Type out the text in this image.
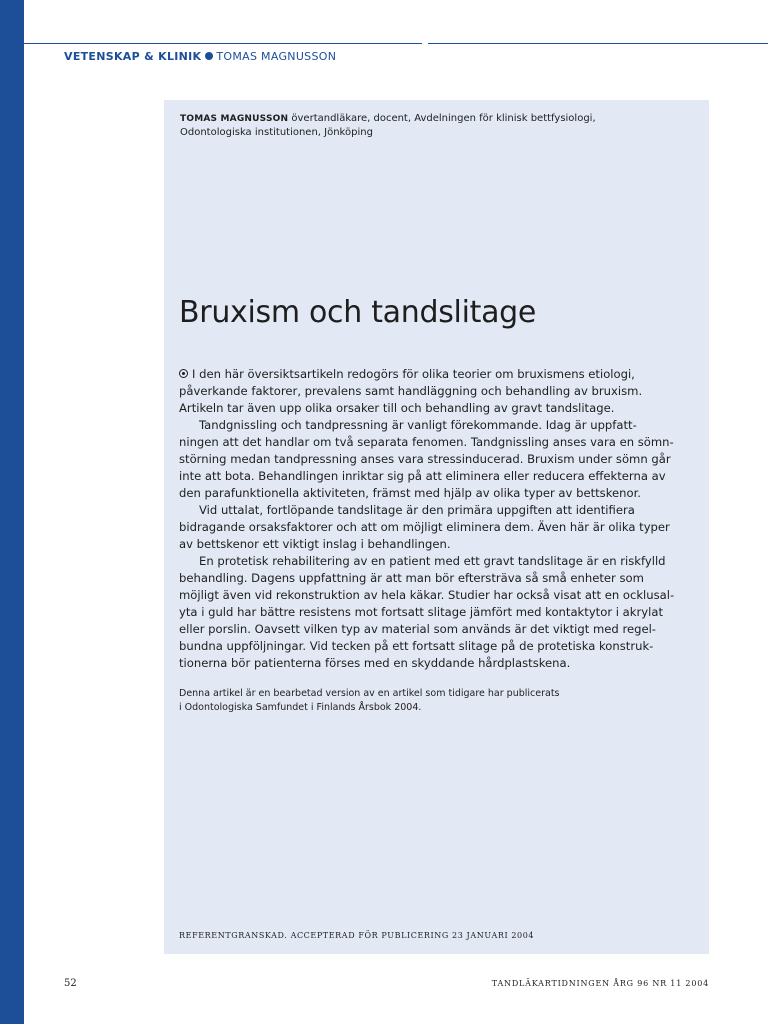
VETENSKAP & KLINIK TOMAS MAGNUSSON
TOMAS MAGNUSSON övertandläkare, docent, Avdelningen för klinisk bettfysiologi,
Odontologiska institutionen, Jönköping
Bruxism och tandslitage
I den här översiktsartikeln redogörs för olika teorier om bruxismens etiologi,
påverkande faktorer, prevalens samt handläggning och behandling av bruxism.
Artikeln tar även upp olika orsaker till och behandling av gravt tandslitage.
Tandgnissling och tandpressning är vanligt förekommande. Idag är uppfatt-
ningen att det handlar om två separata fenomen. Tandgnissling anses vara en sömn-
störning medan tandpressning anses vara stressinducerad. Bruxism under sömn går
inte att bota. Behandlingen inriktar sig på att eliminera eller reducera effekterna av
den parafunktionella aktiviteten, främst med hjälp av olika typer av bettskenor.
Vid uttalat, fortlöpande tandslitage är den primära uppgiften att identifiera
bidragande orsaksfaktorer och att om möjligt eliminera dem. Även här är olika typer
av bettskenor ett viktigt inslag i behandlingen.
En protetisk rehabilitering av en patient med ett gravt tandslitage är en riskfylld
behandling. Dagens uppfattning är att man bör eftersträva så små enheter som
möjligt även vid rekonstruktion av hela käkar. Studier har också visat att en ocklusal-
yta i guld har bättre resistens mot fortsatt slitage jämfört med kontaktytor i akrylat
eller porslin. Oavsett vilken typ av material som används är det viktigt med regel-
bundna uppföljningar. Vid tecken på ett fortsatt slitage på de protetiska konstruk-
tionerna bör patienterna förses med en skyddande hårdplastskena.
Denna artikel är en bearbetad version av en artikel som tidigare har publicerats
i Odontologiska Samfundet i Finlands Årsbok 2004.
REFERENTGRANSKAD. ACCEPTERAD FÖR PUBLICERING 23 JANUARI 2004
52	TANDLÄKARTIDNINGEN ÅRG 96 NR 11 2004
